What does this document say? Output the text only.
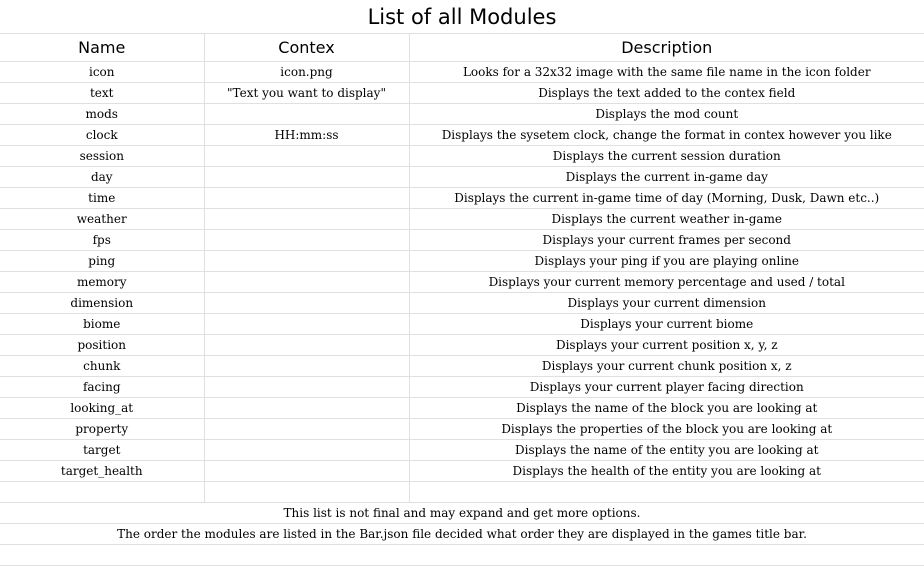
List of all Modules
Name	Contex	Description
icon	icon.png	Looks for a 32x32 image with the same file name in the icon folder
text	"Text you want to display"	Displays the text added to the contex field
mods		Displays the mod count
clock	HH:mm:ss	Displays the sysetem clock, change the format in contex however you like
session		Displays the current session duration
day		Displays the current in-game day
time		Displays the current in-game time of day (Morning, Dusk, Dawn etc..)
weather		Displays the current weather in-game
fps		Displays your current frames per second
ping		Displays your ping if you are playing online
memory		Displays your current memory percentage and used / total
dimension		Displays your current dimension
biome		Displays your current biome
position		Displays your current position x, y, z
chunk		Displays your current chunk position x, z
facing		Displays your current player facing direction
looking_at		Displays the name of the block you are looking at
property		Displays the properties of the block you are looking at
target		Displays the name of the entity you are looking at
target_health		Displays the health of the entity you are looking at

This list is not final and may expand and get more options.		
The order the modules are listed in the Bar.json file decided what order they are displayed in the games title bar.		
